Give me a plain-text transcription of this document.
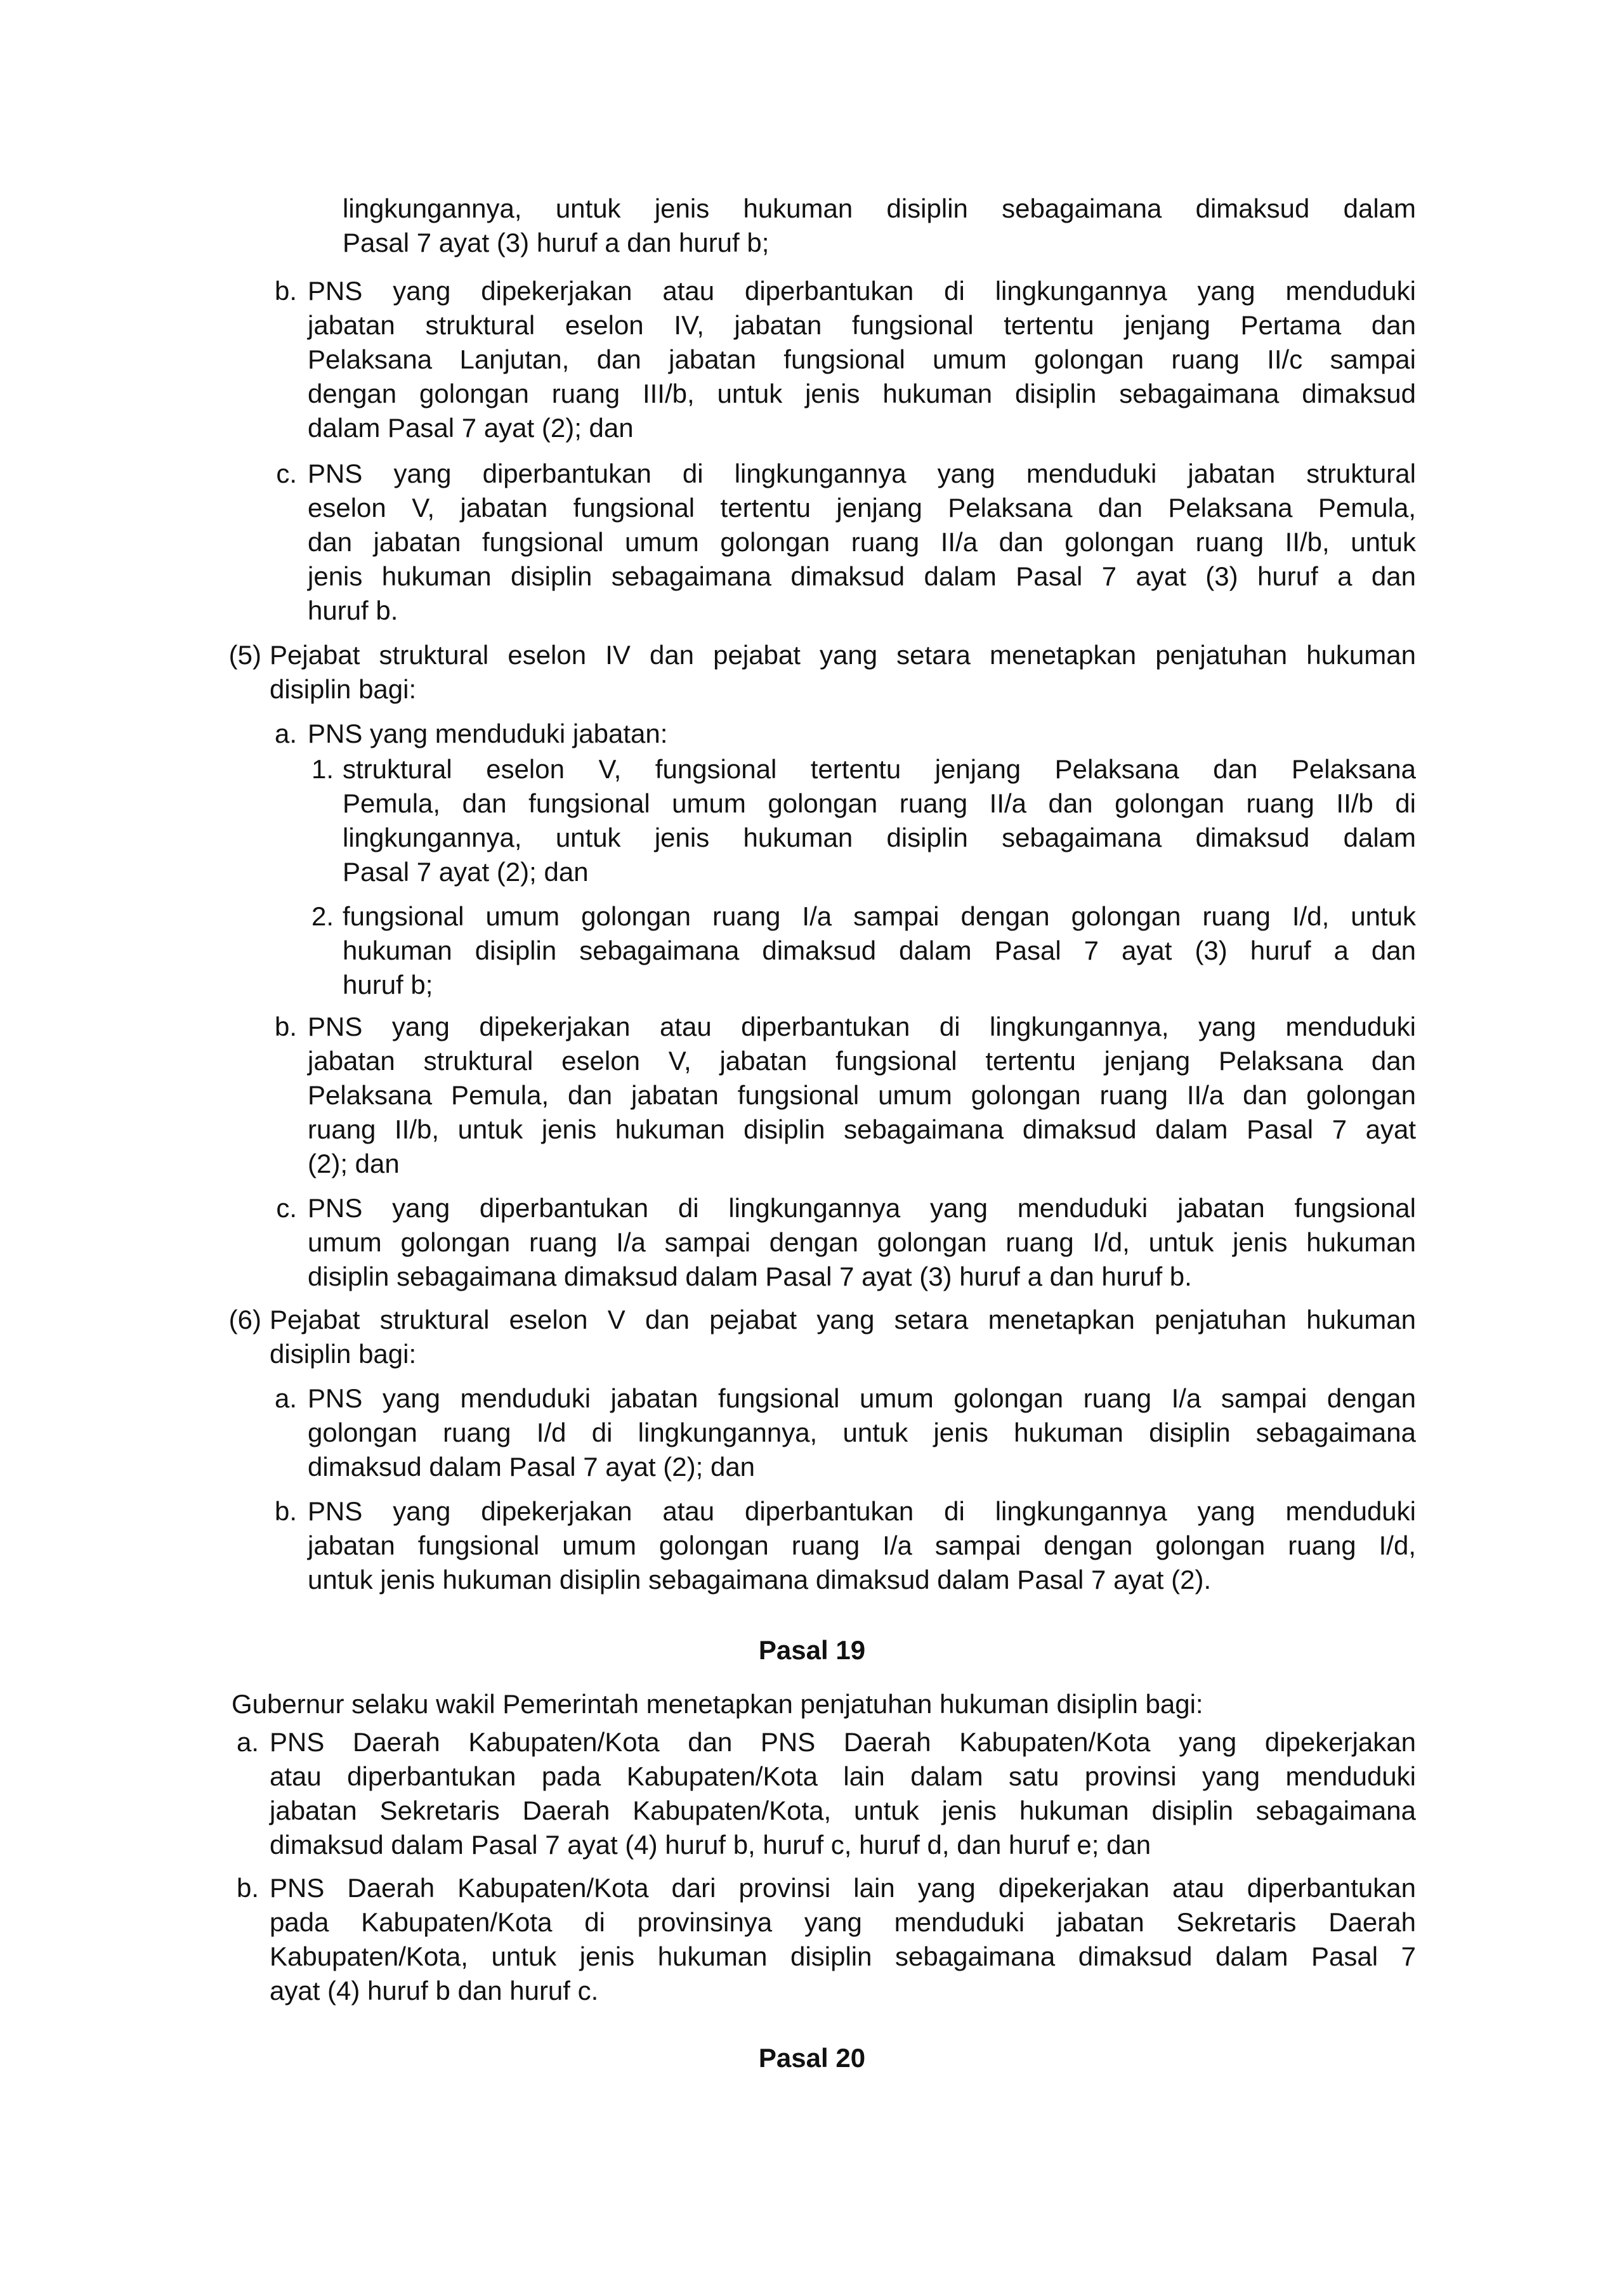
lingkungannya, untuk jenis hukuman disiplin sebagaimana dimaksud dalam
Pasal 7 ayat (3) huruf a dan huruf b;
b. PNS yang dipekerjakan atau diperbantukan di lingkungannya yang menduduki
jabatan struktural eselon IV, jabatan fungsional tertentu jenjang Pertama dan
Pelaksana Lanjutan, dan jabatan fungsional umum golongan ruang II/c sampai
dengan golongan ruang III/b, untuk jenis hukuman disiplin sebagaimana dimaksud
dalam Pasal 7 ayat (2); dan
c. PNS yang diperbantukan di lingkungannya yang menduduki jabatan struktural
eselon V, jabatan fungsional tertentu jenjang Pelaksana dan Pelaksana Pemula,
dan jabatan fungsional umum golongan ruang II/a dan golongan ruang II/b, untuk
jenis hukuman disiplin sebagaimana dimaksud dalam Pasal 7 ayat (3) huruf a dan
huruf b.
(5) Pejabat struktural eselon IV dan pejabat yang setara menetapkan penjatuhan hukuman
disiplin bagi:
a. PNS yang menduduki jabatan:
1. struktural eselon V, fungsional tertentu jenjang Pelaksana dan Pelaksana
Pemula, dan fungsional umum golongan ruang II/a dan golongan ruang II/b di
lingkungannya, untuk jenis hukuman disiplin sebagaimana dimaksud dalam
Pasal 7 ayat (2); dan
2. fungsional umum golongan ruang I/a sampai dengan golongan ruang I/d, untuk
hukuman disiplin sebagaimana dimaksud dalam Pasal 7 ayat (3) huruf a dan
huruf b;
b. PNS yang dipekerjakan atau diperbantukan di lingkungannya, yang menduduki
jabatan struktural eselon V, jabatan fungsional tertentu jenjang Pelaksana dan
Pelaksana Pemula, dan jabatan fungsional umum golongan ruang II/a dan golongan
ruang II/b, untuk jenis hukuman disiplin sebagaimana dimaksud dalam Pasal 7 ayat
(2); dan
c. PNS yang diperbantukan di lingkungannya yang menduduki jabatan fungsional
umum golongan ruang I/a sampai dengan golongan ruang I/d, untuk jenis hukuman
disiplin sebagaimana dimaksud dalam Pasal 7 ayat (3) huruf a dan huruf b.
(6) Pejabat struktural eselon V dan pejabat yang setara menetapkan penjatuhan hukuman
disiplin bagi:
a. PNS yang menduduki jabatan fungsional umum golongan ruang I/a sampai dengan
golongan ruang I/d di lingkungannya, untuk jenis hukuman disiplin sebagaimana
dimaksud dalam Pasal 7 ayat (2); dan
b. PNS yang dipekerjakan atau diperbantukan di lingkungannya yang menduduki
jabatan fungsional umum golongan ruang I/a sampai dengan golongan ruang I/d,
untuk jenis hukuman disiplin sebagaimana dimaksud dalam Pasal 7 ayat (2).
Pasal 19
Gubernur selaku wakil Pemerintah menetapkan penjatuhan hukuman disiplin bagi:
a. PNS Daerah Kabupaten/Kota dan PNS Daerah Kabupaten/Kota yang dipekerjakan
atau diperbantukan pada Kabupaten/Kota lain dalam satu provinsi yang menduduki
jabatan Sekretaris Daerah Kabupaten/Kota, untuk jenis hukuman disiplin sebagaimana
dimaksud dalam Pasal 7 ayat (4) huruf b, huruf c, huruf d, dan huruf e; dan
b. PNS Daerah Kabupaten/Kota dari provinsi lain yang dipekerjakan atau diperbantukan
pada Kabupaten/Kota di provinsinya yang menduduki jabatan Sekretaris Daerah
Kabupaten/Kota, untuk jenis hukuman disiplin sebagaimana dimaksud dalam Pasal 7
ayat (4) huruf b dan huruf c.
Pasal 20
